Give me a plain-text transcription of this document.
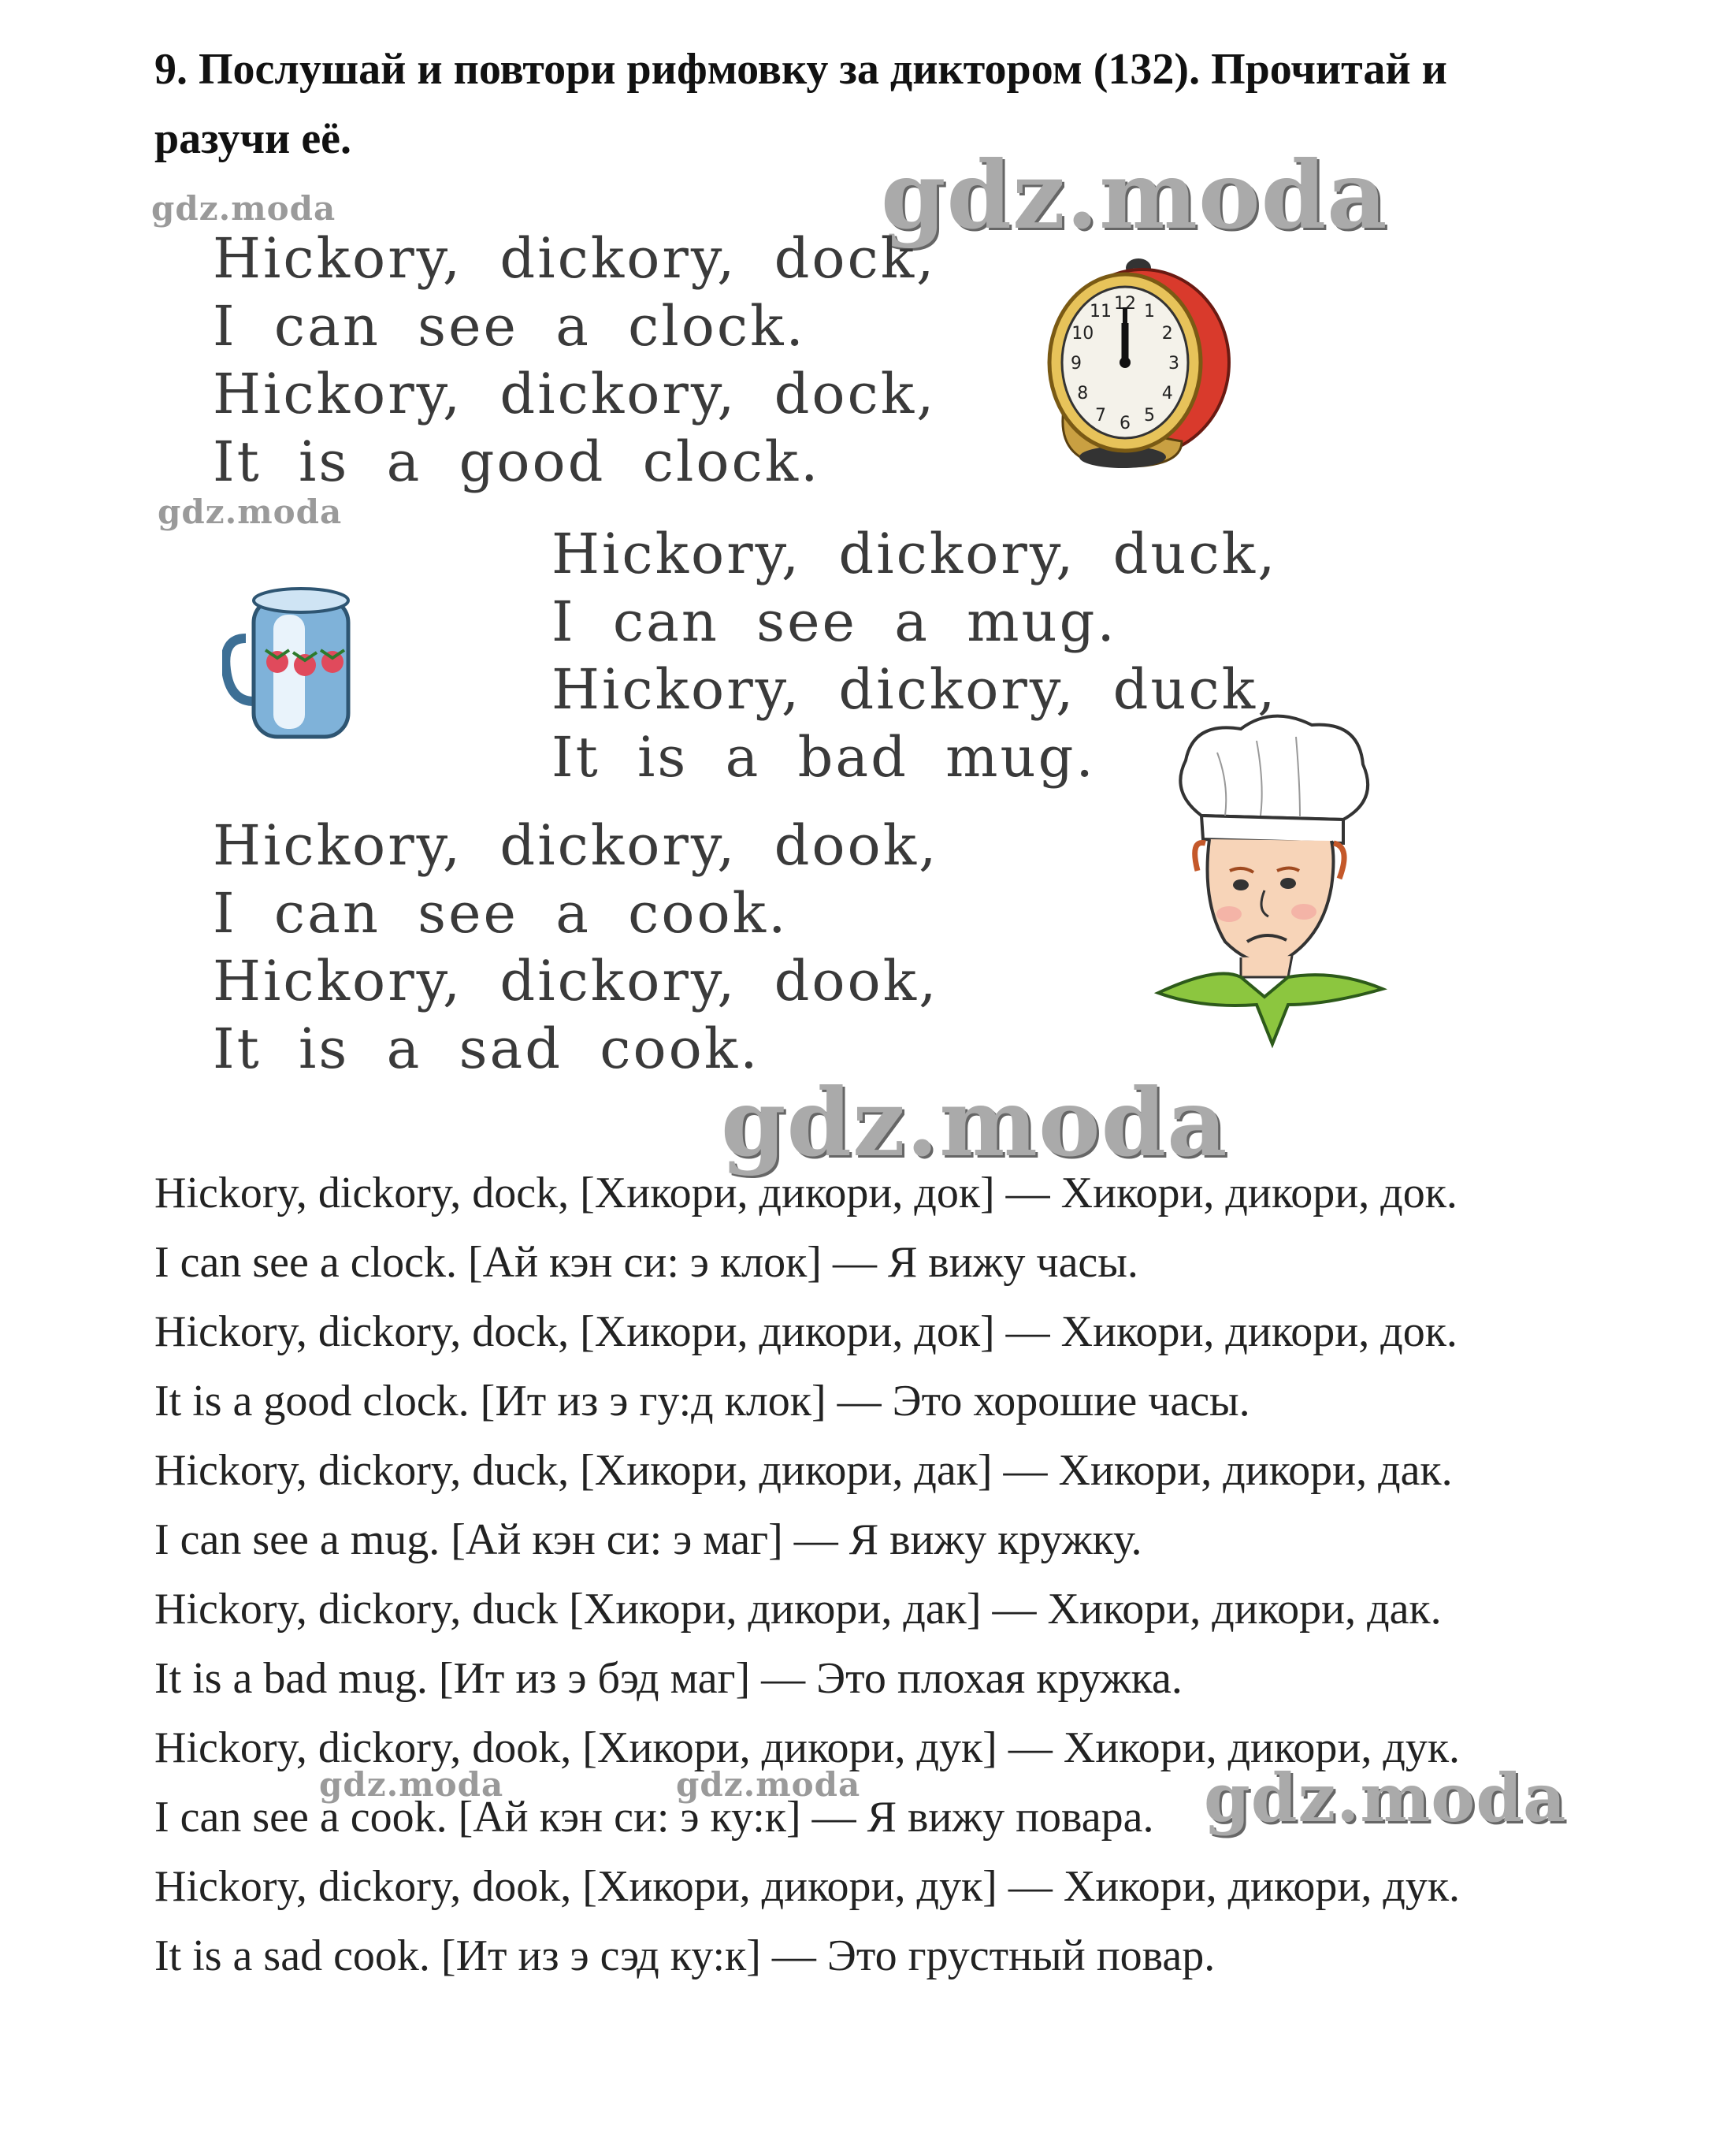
9. Послушай и повтори рифмовку за диктором (132). Прочитай и разучи её.
gdz.moda	gdz.moda
gdz.moda
Hickory, dickory, dock,
I can see a clock.
Hickory, dickory, dock,
It is a good clock.
Hickory, dickory, duck,
I can see a mug.
Hickory, dickory, duck,
It is a bad mug.
Hickory, dickory, dook,
I can see a cook.
Hickory, dickory, dook,
It is a sad cook.
12 1
2
3
4
5
6
7
8
9
10
11
gdz.moda
Hickory, dickory, dock, [Хикори, дикори, док] — Хикори, дикори, док.
I can see a clock. [Ай кэн си: э клок] — Я вижу часы.
Hickory, dickory, dock, [Хикори, дикори, док] — Хикори, дикори, док.
It is a good clock. [Ит из э гу:д клок] — Это хорошие часы.
Hickory, dickory, duck, [Хикори, дикори, дак] — Хикори, дикори, дак.
I can see a mug. [Ай кэн си: э маг] — Я вижу кружку.
Hickory, dickory, duck [Хикори, дикори, дак] — Хикори, дикори, дак.
It is a bad mug. [Ит из э бэд маг] — Это плохая кружка.
Hickory, dickory, dook, [Хикори, дикори, дук] — Хикори, дикори, дук.
I can see a cook. [Ай кэн си: э ку:к] — Я вижу повара.
Hickory, dickory, dook, [Хикори, дикори, дук] — Хикори, дикори, дук.
It is a sad cook. [Ит из э сэд ку:к] — Это грустный повар.
gdz.moda	gdz.moda	gdz.moda
